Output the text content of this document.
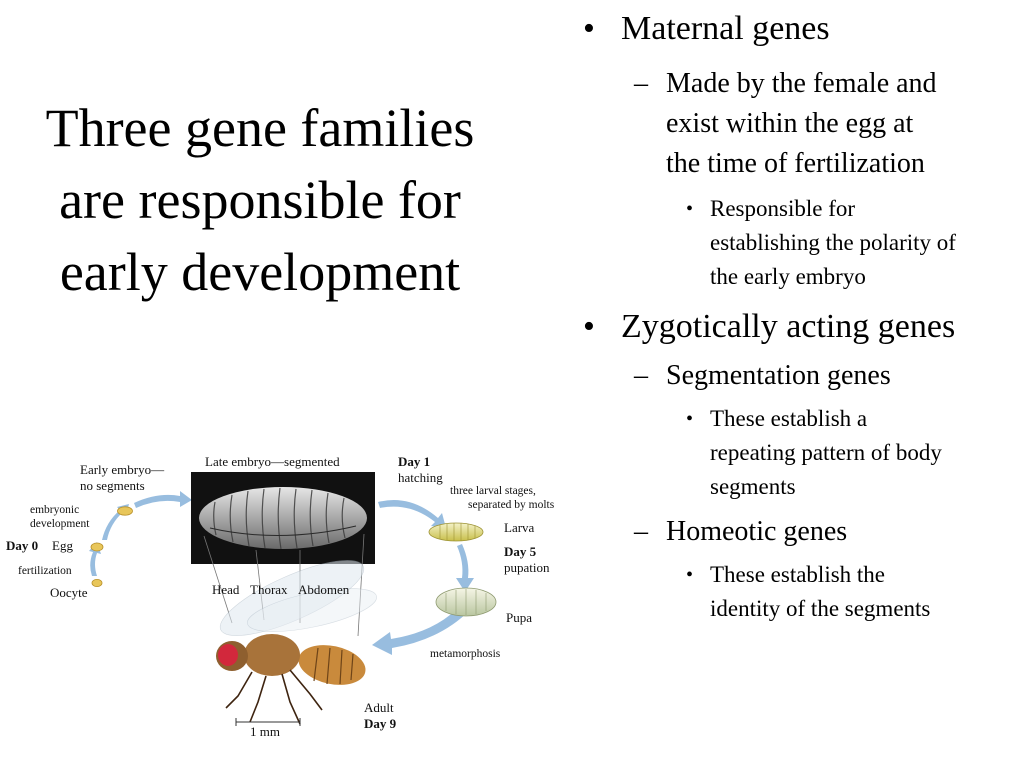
Three gene families
are responsible for
early development
• Maternal genes
– Made by the female and
exist within the egg at
the time of fertilization
• Responsible for
establishing the polarity of
the early embryo
• Zygotically acting genes
– Segmentation genes
• These establish a
repeating pattern of body
segments
– Homeotic genes
• These establish the
identity of the segments
Early embryo—
no segments
Late embryo—segmented	Day 1
hatching
three larval stages,
separated by molts
Larva
Day 5
pupation
Pupa
metamorphosis
Adult
Day 9
1 mm
embryonic
development
Day 0 Egg
fertilization
Oocyte	Head Thorax Abdomen
